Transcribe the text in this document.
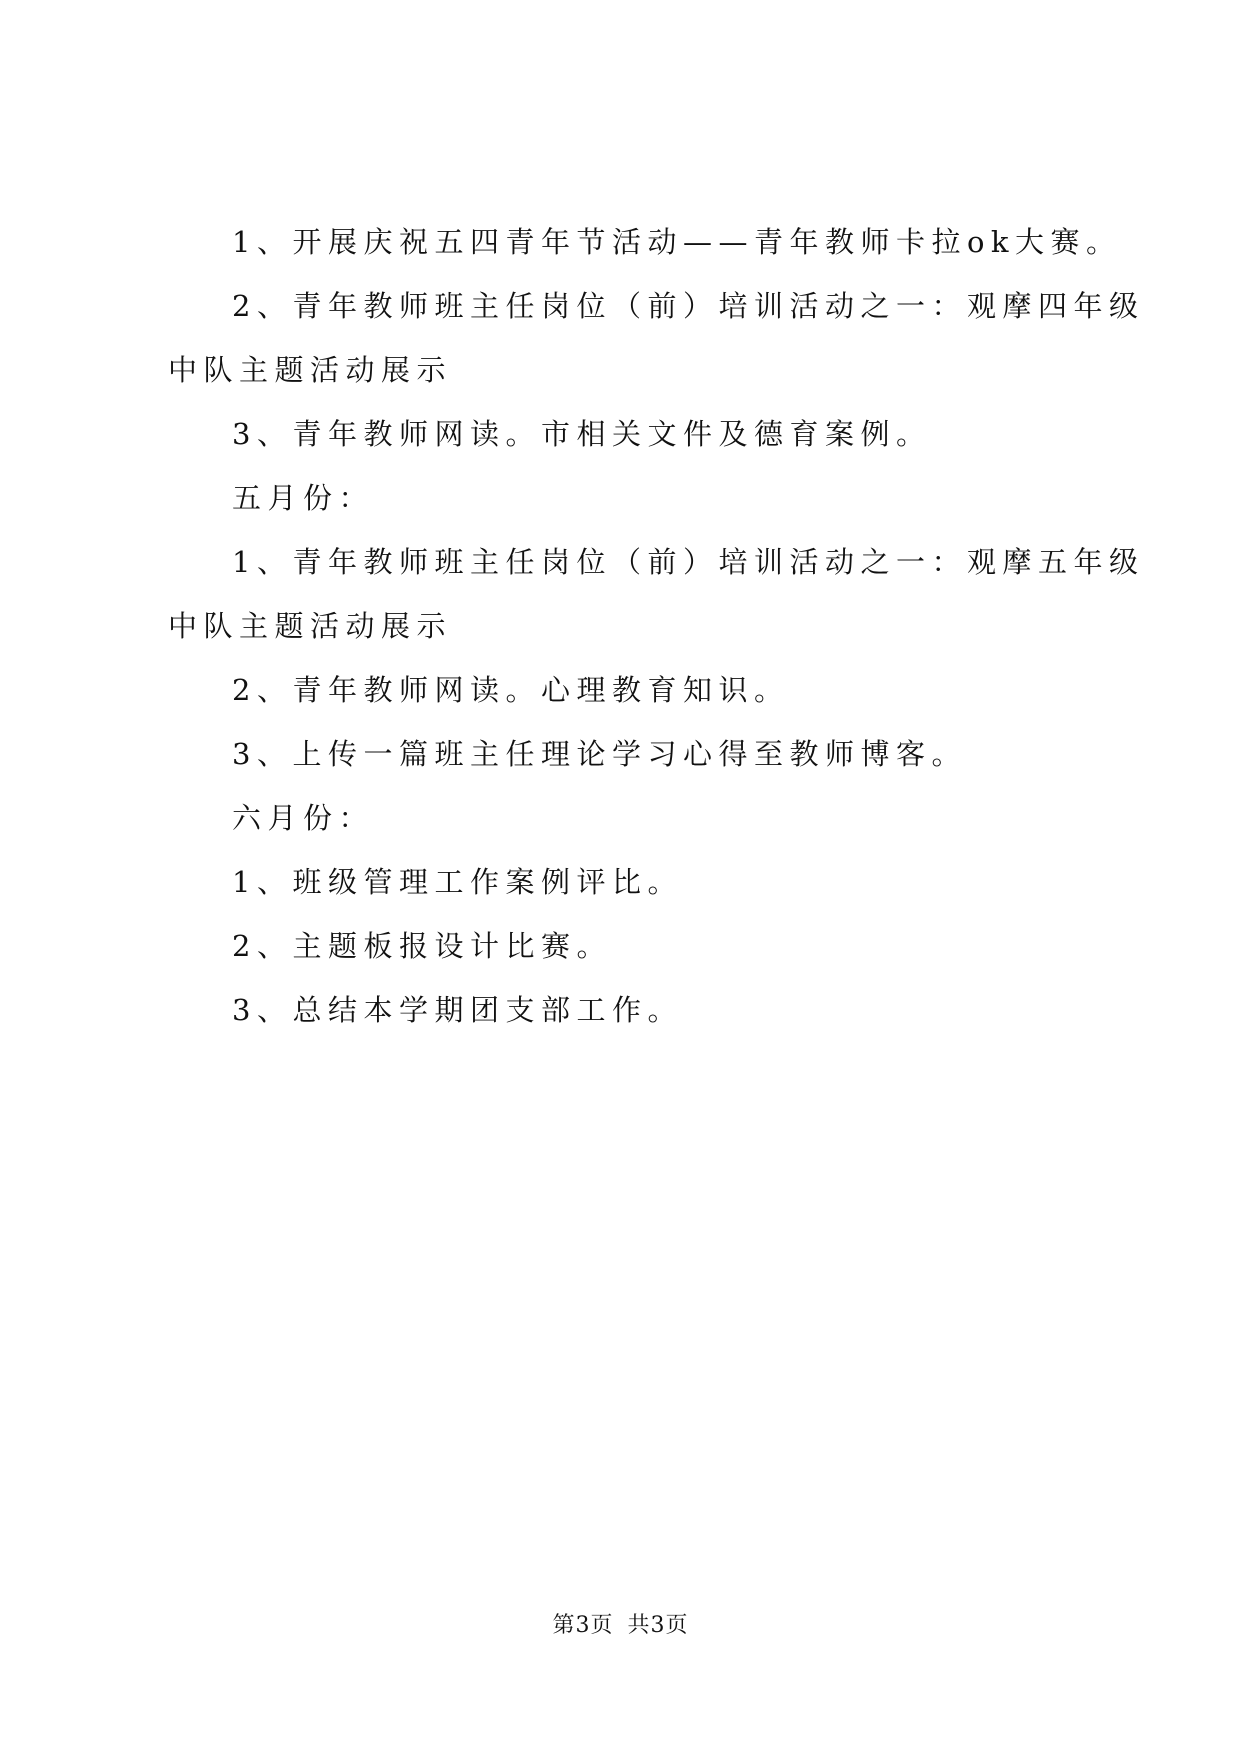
1、开展庆祝五四青年节活动——青年教师卡拉ok大赛。

2、青年教师班主任岗位（前）培训活动之一：观摩四年级

中队主题活动展示

3、青年教师网读。市相关文件及德育案例。

五月份：

1、青年教师班主任岗位（前）培训活动之一：观摩五年级

中队主题活动展示

2、青年教师网读。心理教育知识。

3、上传一篇班主任理论学习心得至教师博客。

六月份：

1、班级管理工作案例评比。

2、主题板报设计比赛。

3、总结本学期团支部工作。

第3页 共3页
